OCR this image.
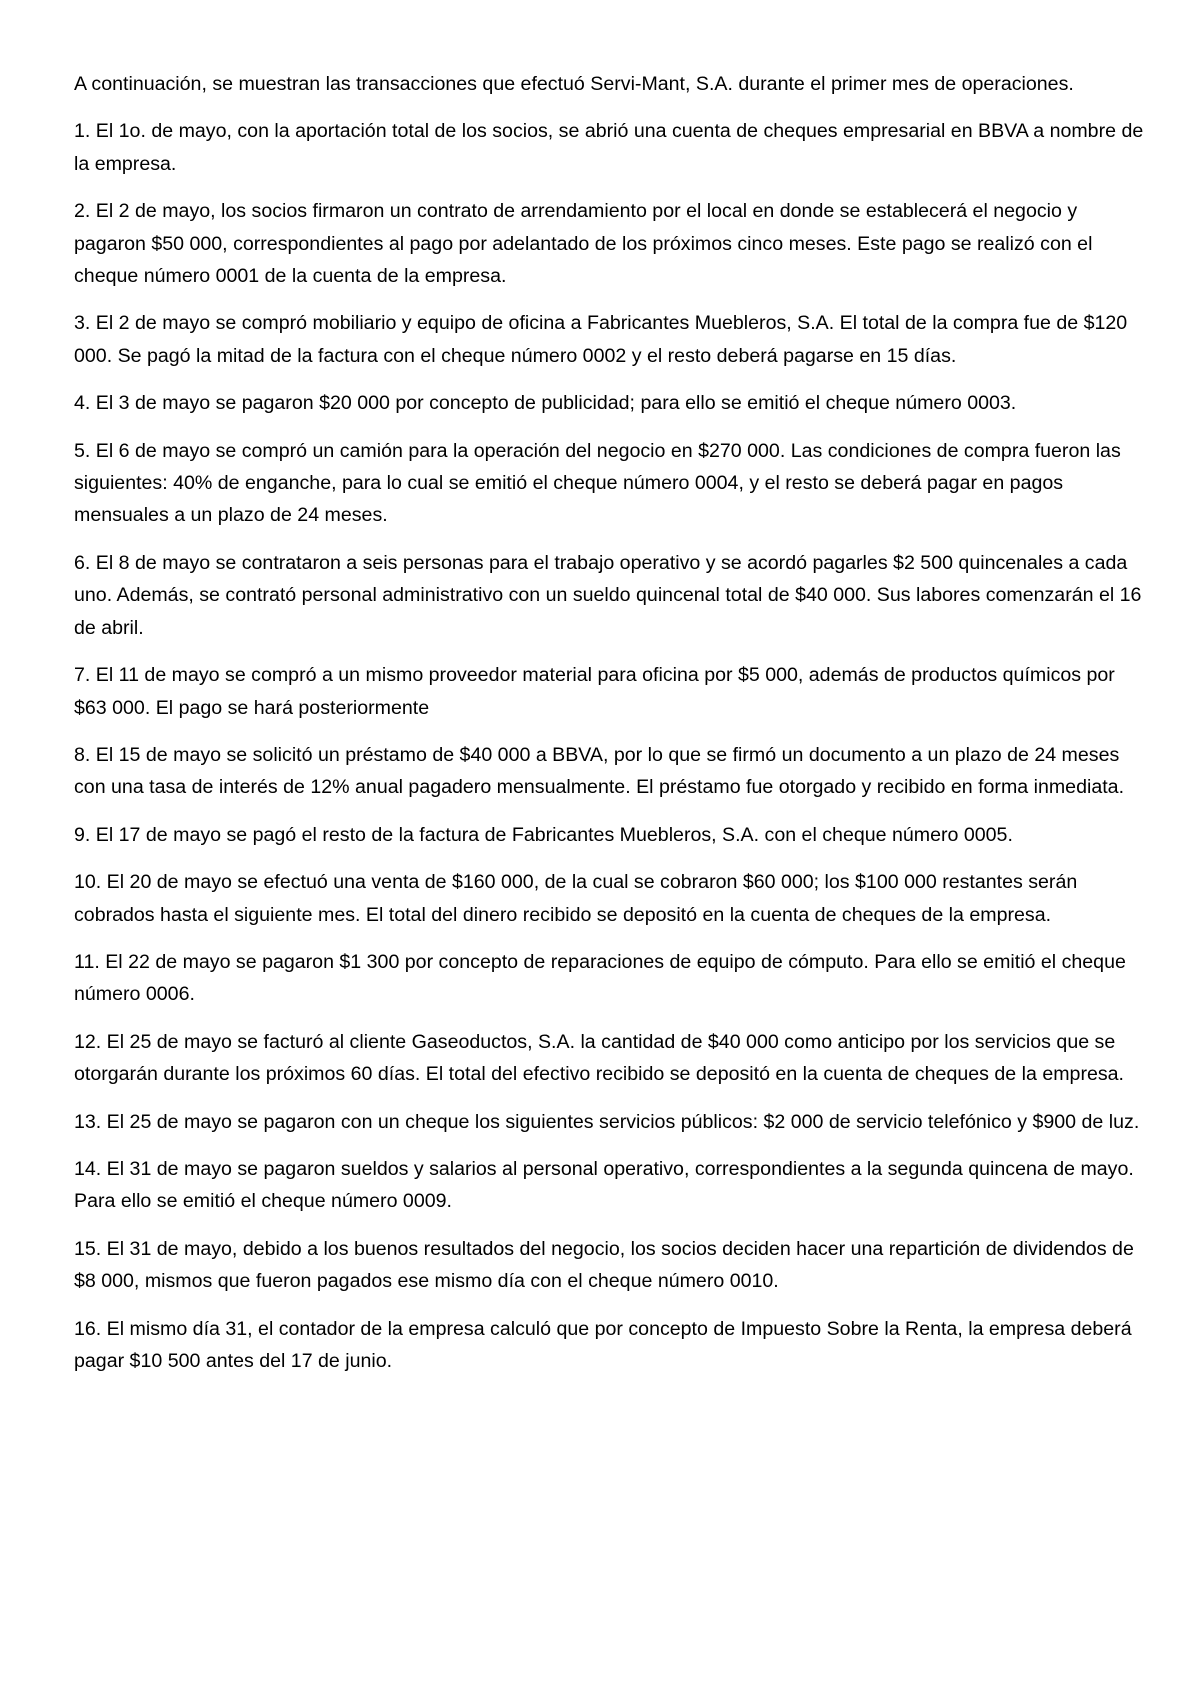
A continuación, se muestran las transacciones que efectuó Servi-Mant, S.A. durante el primer mes de operaciones.

1. El 1o. de mayo, con la aportación total de los socios, se abrió una cuenta de cheques empresarial en BBVA a nombre de la empresa.

2. El 2 de mayo, los socios firmaron un contrato de arrendamiento por el local en donde se establecerá el negocio y pagaron $50 000, correspondientes al pago por adelantado de los próximos cinco meses. Este pago se realizó con el cheque número 0001 de la cuenta de la empresa.

3. El 2 de mayo se compró mobiliario y equipo de oficina a Fabricantes Muebleros, S.A. El total de la compra fue de $120 000. Se pagó la mitad de la factura con el cheque número 0002 y el resto deberá pagarse en 15 días.

4. El 3 de mayo se pagaron $20 000 por concepto de publicidad; para ello se emitió el cheque número 0003.

5. El 6 de mayo se compró un camión para la operación del negocio en $270 000. Las condiciones de compra fueron las siguientes: 40% de enganche, para lo cual se emitió el cheque número 0004, y el resto se deberá pagar en pagos mensuales a un plazo de 24 meses.

6. El 8 de mayo se contrataron a seis personas para el trabajo operativo y se acordó pagarles $2 500 quincenales a cada uno. Además, se contrató personal administrativo con un sueldo quincenal total de $40 000. Sus labores comenzarán el 16 de abril.

7. El 11 de mayo se compró a un mismo proveedor material para oficina por $5 000, además de productos químicos por $63 000. El pago se hará posteriormente

8. El 15 de mayo se solicitó un préstamo de $40 000 a BBVA, por lo que se firmó un documento a un plazo de 24 meses con una tasa de interés de 12% anual pagadero mensualmente. El préstamo fue otorgado y recibido en forma inmediata.

9. El 17 de mayo se pagó el resto de la factura de Fabricantes Muebleros, S.A. con el cheque número 0005.

10. El 20 de mayo se efectuó una venta de $160 000, de la cual se cobraron $60 000; los $100 000 restantes serán cobrados hasta el siguiente mes. El total del dinero recibido se depositó en la cuenta de cheques de la empresa.

11. El 22 de mayo se pagaron $1 300 por concepto de reparaciones de equipo de cómputo. Para ello se emitió el cheque número 0006.

12. El 25 de mayo se facturó al cliente Gaseoductos, S.A. la cantidad de $40 000 como anticipo por los servicios que se otorgarán durante los próximos 60 días. El total del efectivo recibido se depositó en la cuenta de cheques de la empresa.

13. El 25 de mayo se pagaron con un cheque los siguientes servicios públicos: $2 000 de servicio telefónico y $900 de luz.

14. El 31 de mayo se pagaron sueldos y salarios al personal operativo, correspondientes a la segunda quincena de mayo. Para ello se emitió el cheque número 0009.

15. El 31 de mayo, debido a los buenos resultados del negocio, los socios deciden hacer una repartición de dividendos de $8 000, mismos que fueron pagados ese mismo día con el cheque número 0010.

16. El mismo día 31, el contador de la empresa calculó que por concepto de Impuesto Sobre la Renta, la empresa deberá pagar $10 500 antes del 17 de junio.
